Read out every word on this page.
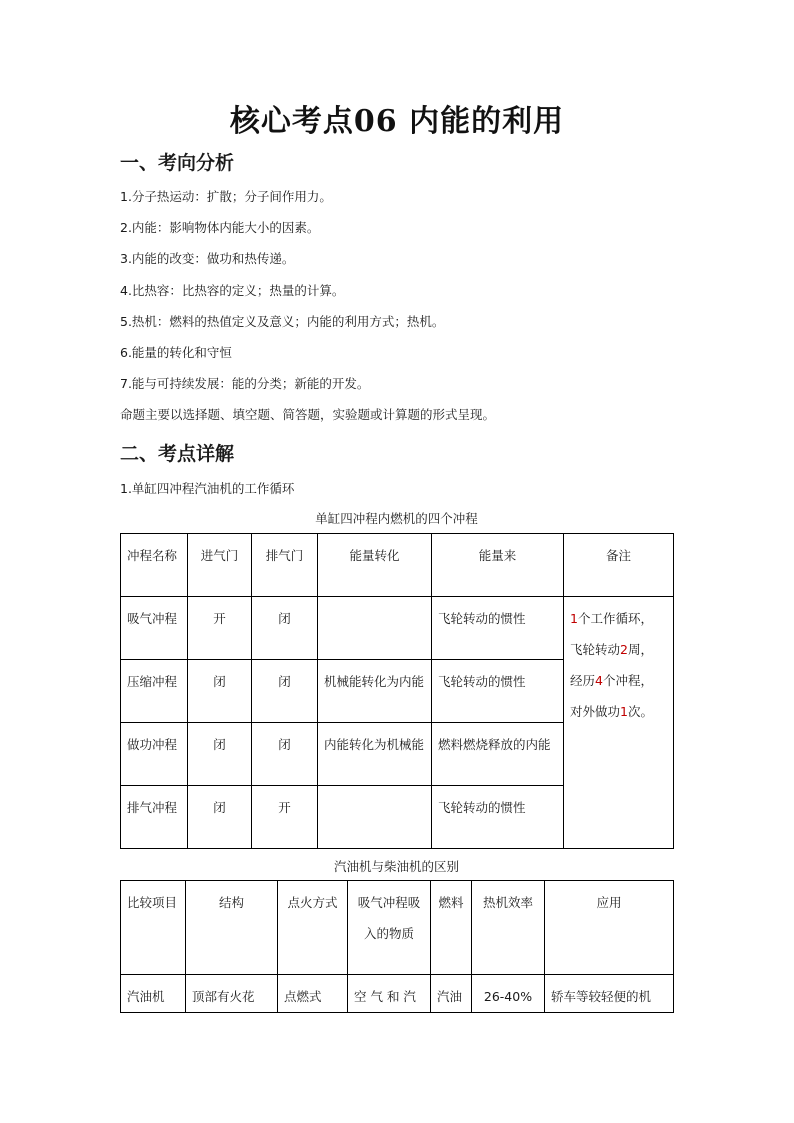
核心考点06 内能的利用
一、考向分析
1.分子热运动：扩散；分子间作用力。
2.内能：影响物体内能大小的因素。
3.内能的改变：做功和热传递。
4.比热容：比热容的定义；热量的计算。
5.热机：燃料的热值定义及意义；内能的利用方式；热机。
6.能量的转化和守恒
7.能与可持续发展：能的分类；新能的开发。
命题主要以选择题、填空题、简答题，实验题或计算题的形式呈现。
二、考点详解
1.单缸四冲程汽油机的工作循环
单缸四冲程内燃机的四个冲程
冲程名称	进气门	排气门	能量转化	能量来	备注
吸气冲程	开	闭		飞轮转动的惯性	1个工作循环，
飞轮转动2周，
经历4个冲程，
对外做功1次。

压缩冲程	闭	闭	机械能转化为内能	飞轮转动的惯性	
做功冲程	闭	闭	内能转化为机械能	燃料燃烧释放的内能	
排气冲程	闭	开		飞轮转动的惯性	
汽油机与柴油机的区别
比较项目	结构	点火方式	吸气冲程吸入的物质	燃料	热机效率	应用
汽油机	顶部有火花	点燃式	空 气 和 汽	汽油	26-40%	轿车等较轻便的机
